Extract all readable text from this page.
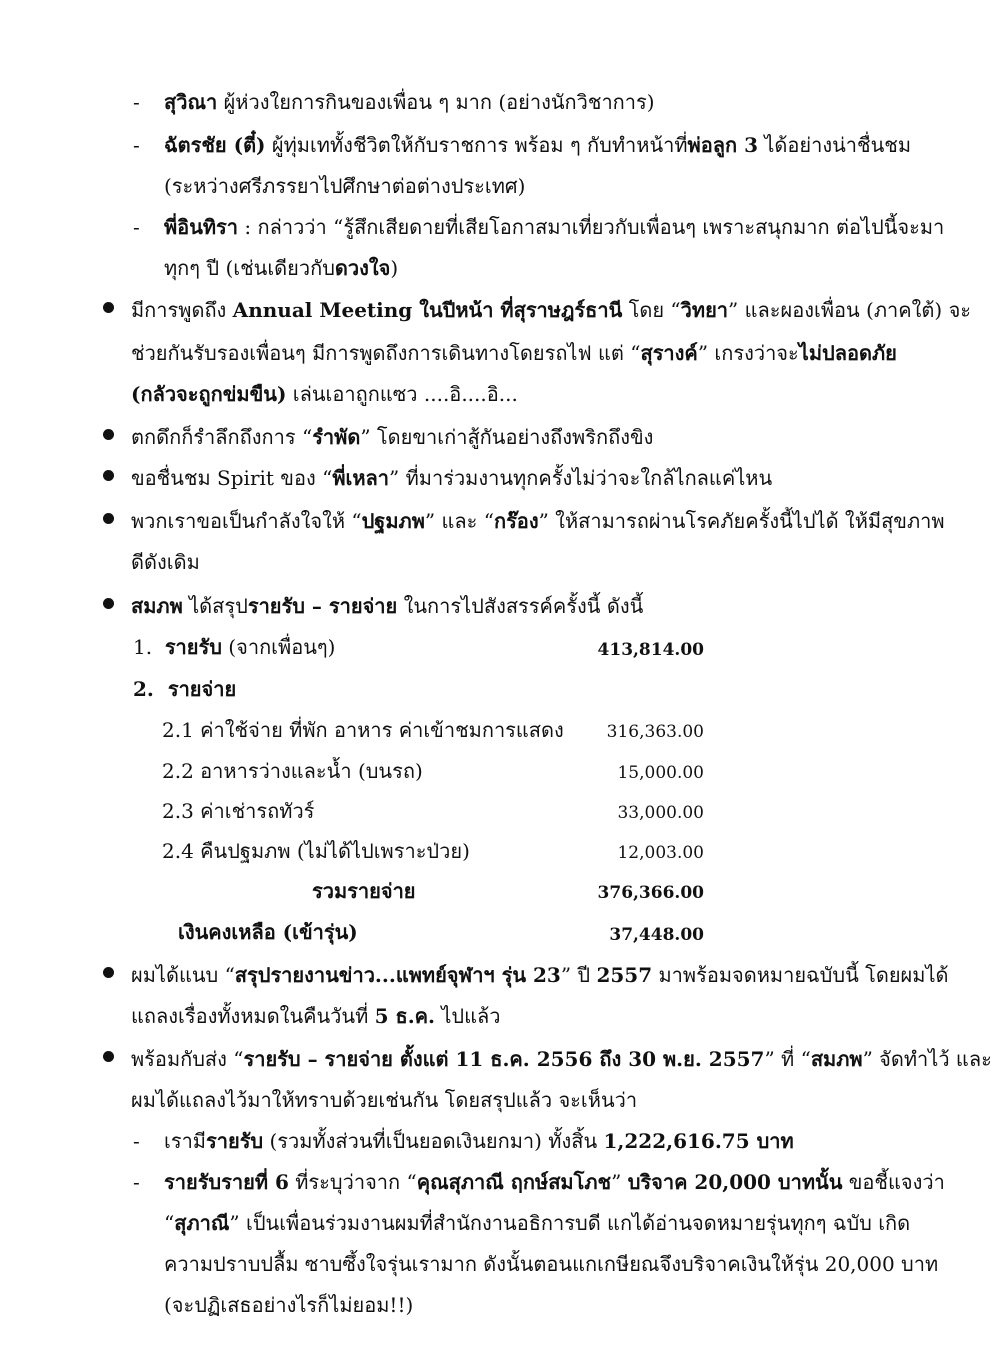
- สุวิณา ผู้ห่วงใยการกินของเพื่อน ๆ มาก (อย่างนักวิชาการ)
- ฉัตรชัย (ตี๋) ผู้ทุ่มเททั้งชีวิตให้กับราชการ พร้อม ๆ กับทำหน้าที่พ่อลูก 3 ได้อย่างน่าชื่นชม
(ระหว่างศรีภรรยาไปศึกษาต่อต่างประเทศ)
- พี่อินทิรา : กล่าวว่า “รู้สึกเสียดายที่เสียโอกาสมาเที่ยวกับเพื่อนๆ เพราะสนุกมาก ต่อไปนี้จะมา
ทุกๆ ปี (เช่นเดียวกับดวงใจ)
มีการพูดถึง Annual Meeting ในปีหน้า ที่สุราษฎร์ธานี โดย “วิทยา” และผองเพื่อน (ภาคใต้) จะ
ช่วยกันรับรองเพื่อนๆ มีการพูดถึงการเดินทางโดยรถไฟ แต่ “สุรางค์” เกรงว่าจะไม่ปลอดภัย
(กลัวจะถูกข่มขืน) เล่นเอาถูกแซว ....อิ....อิ...
ตกดึกก็รำลึกถึงการ “รำพัด” โดยขาเก่าสู้กันอย่างถึงพริกถึงขิง
ขอชื่นชม Spirit ของ “พี่เหลา” ที่มาร่วมงานทุกครั้งไม่ว่าจะใกล้ไกลแค่ไหน
พวกเราขอเป็นกำลังใจให้ “ปฐมภพ” และ “กร๊อง” ให้สามารถผ่านโรคภัยครั้งนี้ไปได้ ให้มีสุขภาพ
ดีดังเดิม
สมภพ ได้สรุปรายรับ – รายจ่าย ในการไปสังสรรค์ครั้งนี้ ดังนี้
1. รายรับ (จากเพื่อนๆ)	413,814.00
2. รายจ่าย
2.1 ค่าใช้จ่าย ที่พัก อาหาร ค่าเข้าชมการแสดง	316,363.00
2.2 อาหารว่างและน้ำ (บนรถ)	15,000.00
2.3 ค่าเช่ารถทัวร์	33,000.00
2.4 คืนปฐมภพ (ไม่ได้ไปเพราะป่วย)	12,003.00
รวมรายจ่าย	376,366.00
เงินคงเหลือ (เข้ารุ่น)	37,448.00
ผมได้แนบ “สรุปรายงานข่าว...แพทย์จุฬาฯ รุ่น 23” ปี 2557 มาพร้อมจดหมายฉบับนี้ โดยผมได้
แถลงเรื่องทั้งหมดในคืนวันที่ 5 ธ.ค. ไปแล้ว
พร้อมกับส่ง “รายรับ – รายจ่าย ตั้งแต่ 11 ธ.ค. 2556 ถึง 30 พ.ย. 2557” ที่ “สมภพ” จัดทำไว้ และ
ผมได้แถลงไว้มาให้ทราบด้วยเช่นกัน โดยสรุปแล้ว จะเห็นว่า
- เรามีรายรับ (รวมทั้งส่วนที่เป็นยอดเงินยกมา) ทั้งสิ้น 1,222,616.75 บาท
- รายรับรายที่ 6 ที่ระบุว่าจาก “คุณสุภาณี ฤกษ์สมโภช” บริจาค 20,000 บาทนั้น ขอชี้แจงว่า
“สุภาณี” เป็นเพื่อนร่วมงานผมที่สำนักงานอธิการบดี แกได้อ่านจดหมายรุ่นทุกๆ ฉบับ เกิด
ความปราบปลื้ม ซาบซึ้งใจรุ่นเรามาก ดังนั้นตอนแกเกษียณจึงบริจาคเงินให้รุ่น 20,000 บาท
(จะปฏิเสธอย่างไรก็ไม่ยอม!!)
